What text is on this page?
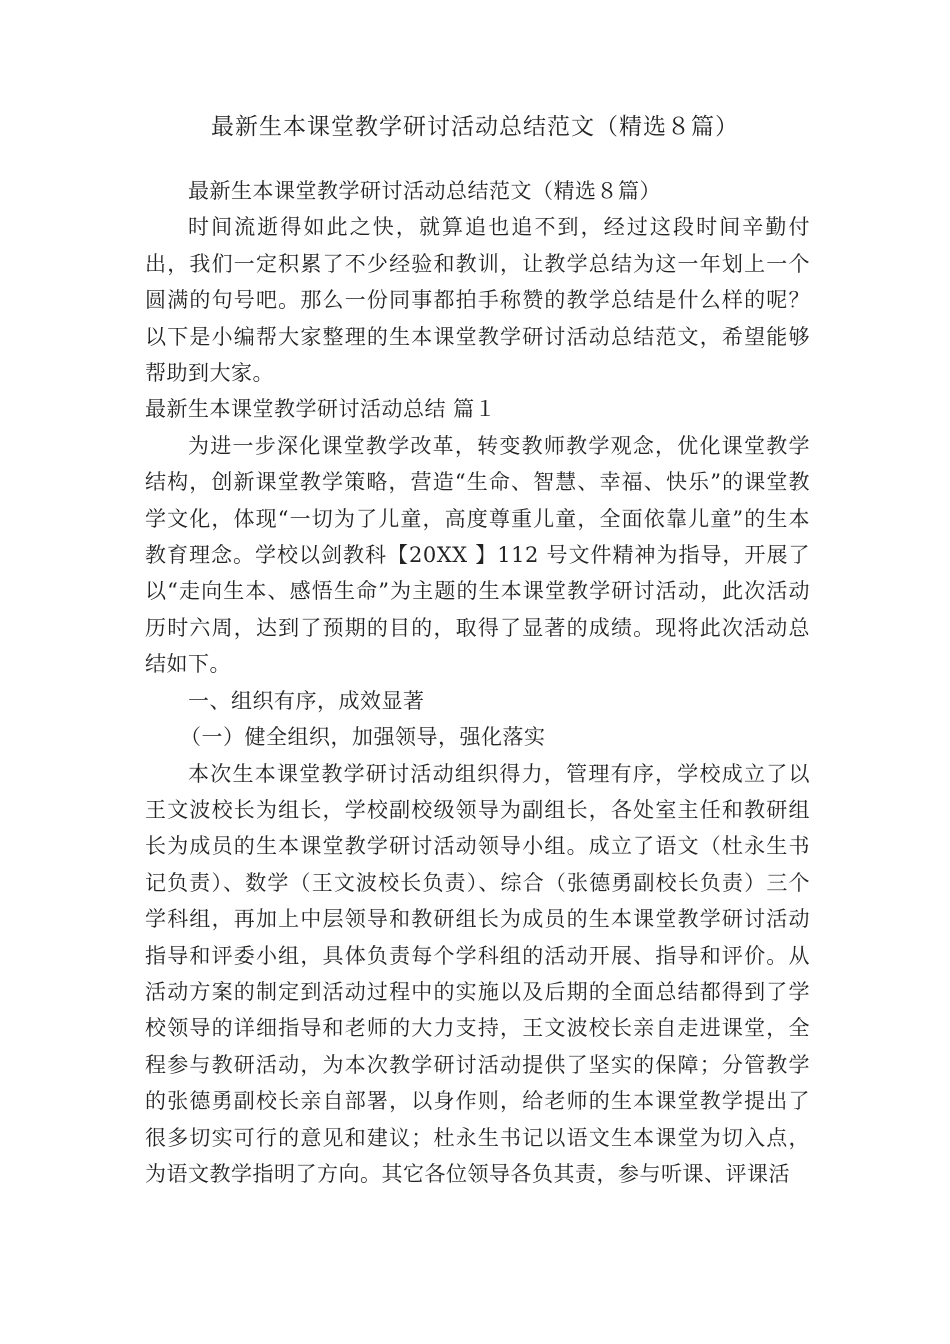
最新生本课堂教学研讨活动总结范文（精选８篇）

最新生本课堂教学研讨活动总结范文（精选８篇）

时间流逝得如此之快，就算追也追不到，经过这段时间辛勤付出，我们一定积累了不少经验和教训，让教学总结为这一年划上一个圆满的句号吧。那么一份同事都拍手称赞的教学总结是什么样的呢？以下是小编帮大家整理的生本课堂教学研讨活动总结范文，希望能够帮助到大家。

最新生本课堂教学研讨活动总结 篇１

为进一步深化课堂教学改革，转变教师教学观念，优化课堂教学结构，创新课堂教学策略，营造“生命、智慧、幸福、快乐”的课堂教学文化，体现“一切为了儿童，高度尊重儿童，全面依靠儿童”的生本教育理念。学校以剑教科【20XX 】112 号文件精神为指导，开展了以“走向生本、感悟生命”为主题的生本课堂教学研讨活动，此次活动历时六周，达到了预期的目的，取得了显著的成绩。现将此次活动总结如下。

一、组织有序，成效显著

（一）健全组织，加强领导，强化落实

本次生本课堂教学研讨活动组织得力，管理有序，学校成立了以王文波校长为组长，学校副校级领导为副组长，各处室主任和教研组长为成员的生本课堂教学研讨活动领导小组。成立了语文（杜永生书记负责）、数学（王文波校长负责）、综合（张德勇副校长负责）三个学科组，再加上中层领导和教研组长为成员的生本课堂教学研讨活动指导和评委小组，具体负责每个学科组的活动开展、指导和评价。从活动方案的制定到活动过程中的实施以及后期的全面总结都得到了学校领导的详细指导和老师的大力支持，王文波校长亲自走进课堂，全程参与教研活动，为本次教学研讨活动提供了坚实的保障；分管教学的张德勇副校长亲自部署，以身作则，给老师的生本课堂教学提出了很多切实可行的意见和建议；杜永生书记以语文生本课堂为切入点，为语文教学指明了方向。其它各位领导各负其责，参与听课、评课活
